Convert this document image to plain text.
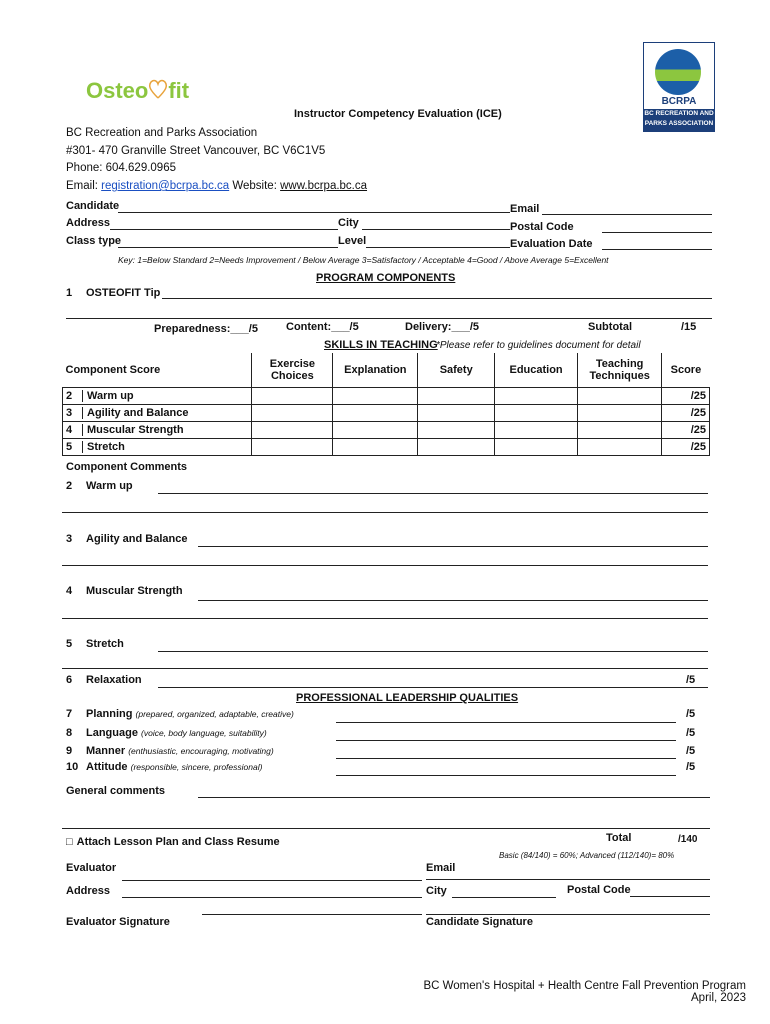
Osteo fit	BCRPA
BC RECREATION AND
PARKS ASSOCIATION
Instructor Competency Evaluation (ICE)
BC Recreation and Parks Association
#301- 470 Granville Street Vancouver, BC V6C1V5
Phone: 604.629.0965
Email: registration@bcrpa.bc.ca Website: www.bcrpa.bc.ca
Candidate	Email
Address	City	Postal Code
Class type	Level	Evaluation Date
Key: 1=Below Standard 2=Needs Improvement / Below Average 3=Satisfactory / Acceptable 4=Good / Above Average 5=Excellent
PROGRAM COMPONENTS
1 OSTEOFIT Tip
Preparedness:___/5	Content:___/5	Delivery:___/5	Subtotal	/15
SKILLS IN TEACHING
*Please refer to guidelines document for detail
Component Score	Exercise Choices	Explanation	Safety	Education	Teaching Techniques	Score
2 Warm up						/25
3 Agility and Balance						/25
4 Muscular Strength						/25
5 Stretch						/25
Component Comments
2 Warm up
3 Agility and Balance
4 Muscular Strength
5 Stretch
6 Relaxation	/5
PROFESSIONAL LEADERSHIP QUALITIES
7 Planning (prepared, organized, adaptable, creative)	/5
8 Language (voice, body language, suitability)	/5
9 Manner (enthusiastic, encouraging, motivating)	/5
10 Attitude (responsible, sincere, professional)	/5
General comments
□ Attach Lesson Plan and Class Resume	Total	/140
Basic (84/140) = 60%; Advanced (112/140)= 80%
Evaluator	Email
Address	City	Postal Code
Evaluator Signature	Candidate Signature
BC Women's Hospital + Health Centre Fall Prevention Program
April, 2023
